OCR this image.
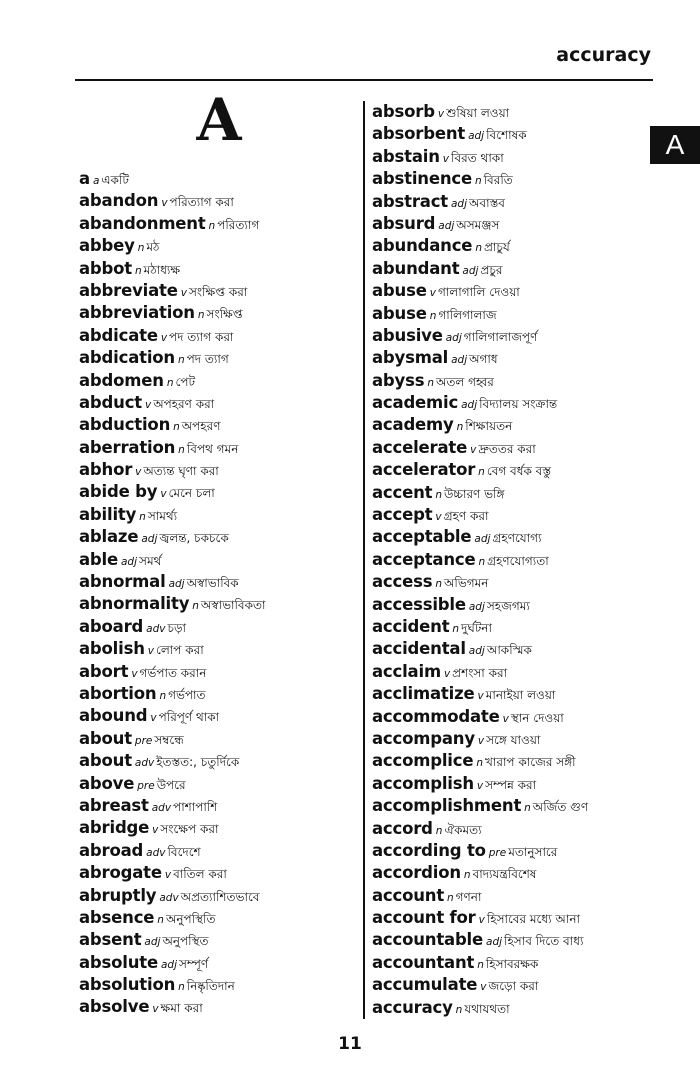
accuracy
A	A
aa একটি
abandon v পরিত্যাগ করা
abandonment n পরিত্যাগ
abbey n মঠ
abbot n মঠাধ্যক্ষ
abbreviate v সংক্ষিপ্ত করা
abbreviation n সংক্ষিপ্ত
abdicate v পদ ত্যাগ করা
abdication n পদ ত্যাগ
abdomen n পেট
abduct v অপহরণ করা
abduction n অপহরণ
aberration n বিপথ গমন
abhor v অত্যন্ত ঘৃণা করা
abide by v মেনে চলা
ability n সামর্থ্য
ablaze adj জ্বলন্ত, চকচকে
able adj সমর্থ
abnormal adj অস্বাভাবিক
abnormality n অস্বাভাবিকতা
aboard adv চড়া
abolish v লোপ করা
abort v গর্ভপাত করান
abortion n গর্ভপাত
abound v পরিপূর্ণ থাকা
about pre সম্বন্ধে
about adv ইতস্তত:, চতুর্দিকে
above pre উপরে
abreast adv পাশাপাশি
abridge v সংক্ষেপ করা
abroad adv বিদেশে
abrogate v বাতিল করা
abruptly adv অপ্রত্যাশিতভাবে
absence n অনুপস্থিতি
absent adj অনুপস্থিত
absolute adj সম্পূর্ণ
absolution n নিষ্কৃতিদান
absolve v ক্ষমা করা
absorb v শুষিয়া লওয়া
absorbent adj বিশোষক
abstain v বিরত থাকা
abstinence n বিরতি
abstract adj অবাস্তব
absurd adj অসমঞ্জস
abundance n প্রাচুর্য
abundant adj প্রচুর
abuse v গালাগালি দেওয়া
abuse n গালিগালাজ
abusive adj গালিগালাজপূর্ণ
abysmal adj অগাধ
abyss n অতল গহ্বর
academic adj বিদ্যালয় সংক্রান্ত
academy n শিক্ষায়তন
accelerate v দ্রুততর করা
accelerator n বেগ বর্ধক বস্তু
accent n উচ্চারণ ভঙ্গি
accept v গ্রহণ করা
acceptable adj গ্রহণযোগ্য
acceptance n গ্রহণযোগ্যতা
access n অভিগমন
accessible adj সহজগম্য
accident n দুর্ঘটনা
accidental adj আকস্মিক
acclaim v প্রশংসা করা
acclimatize v মানাইয়া লওয়া
accommodate v স্থান দেওয়া
accompany v সঙ্গে যাওয়া
accomplice n খারাপ কাজের সঙ্গী
accomplish v সম্পন্ন করা
accomplishment n অর্জিত গুণ
accord n ঐকমত্য
according to pre মতানুসারে
accordion n বাদ্যযন্ত্রবিশেষ
account n গণনা
account for v হিসাবের মধ্যে আনা
accountable adj হিসাব দিতে বাধ্য
accountant n হিসাবরক্ষক
accumulate v জড়ো করা
accuracy n যথাযথতা
11
